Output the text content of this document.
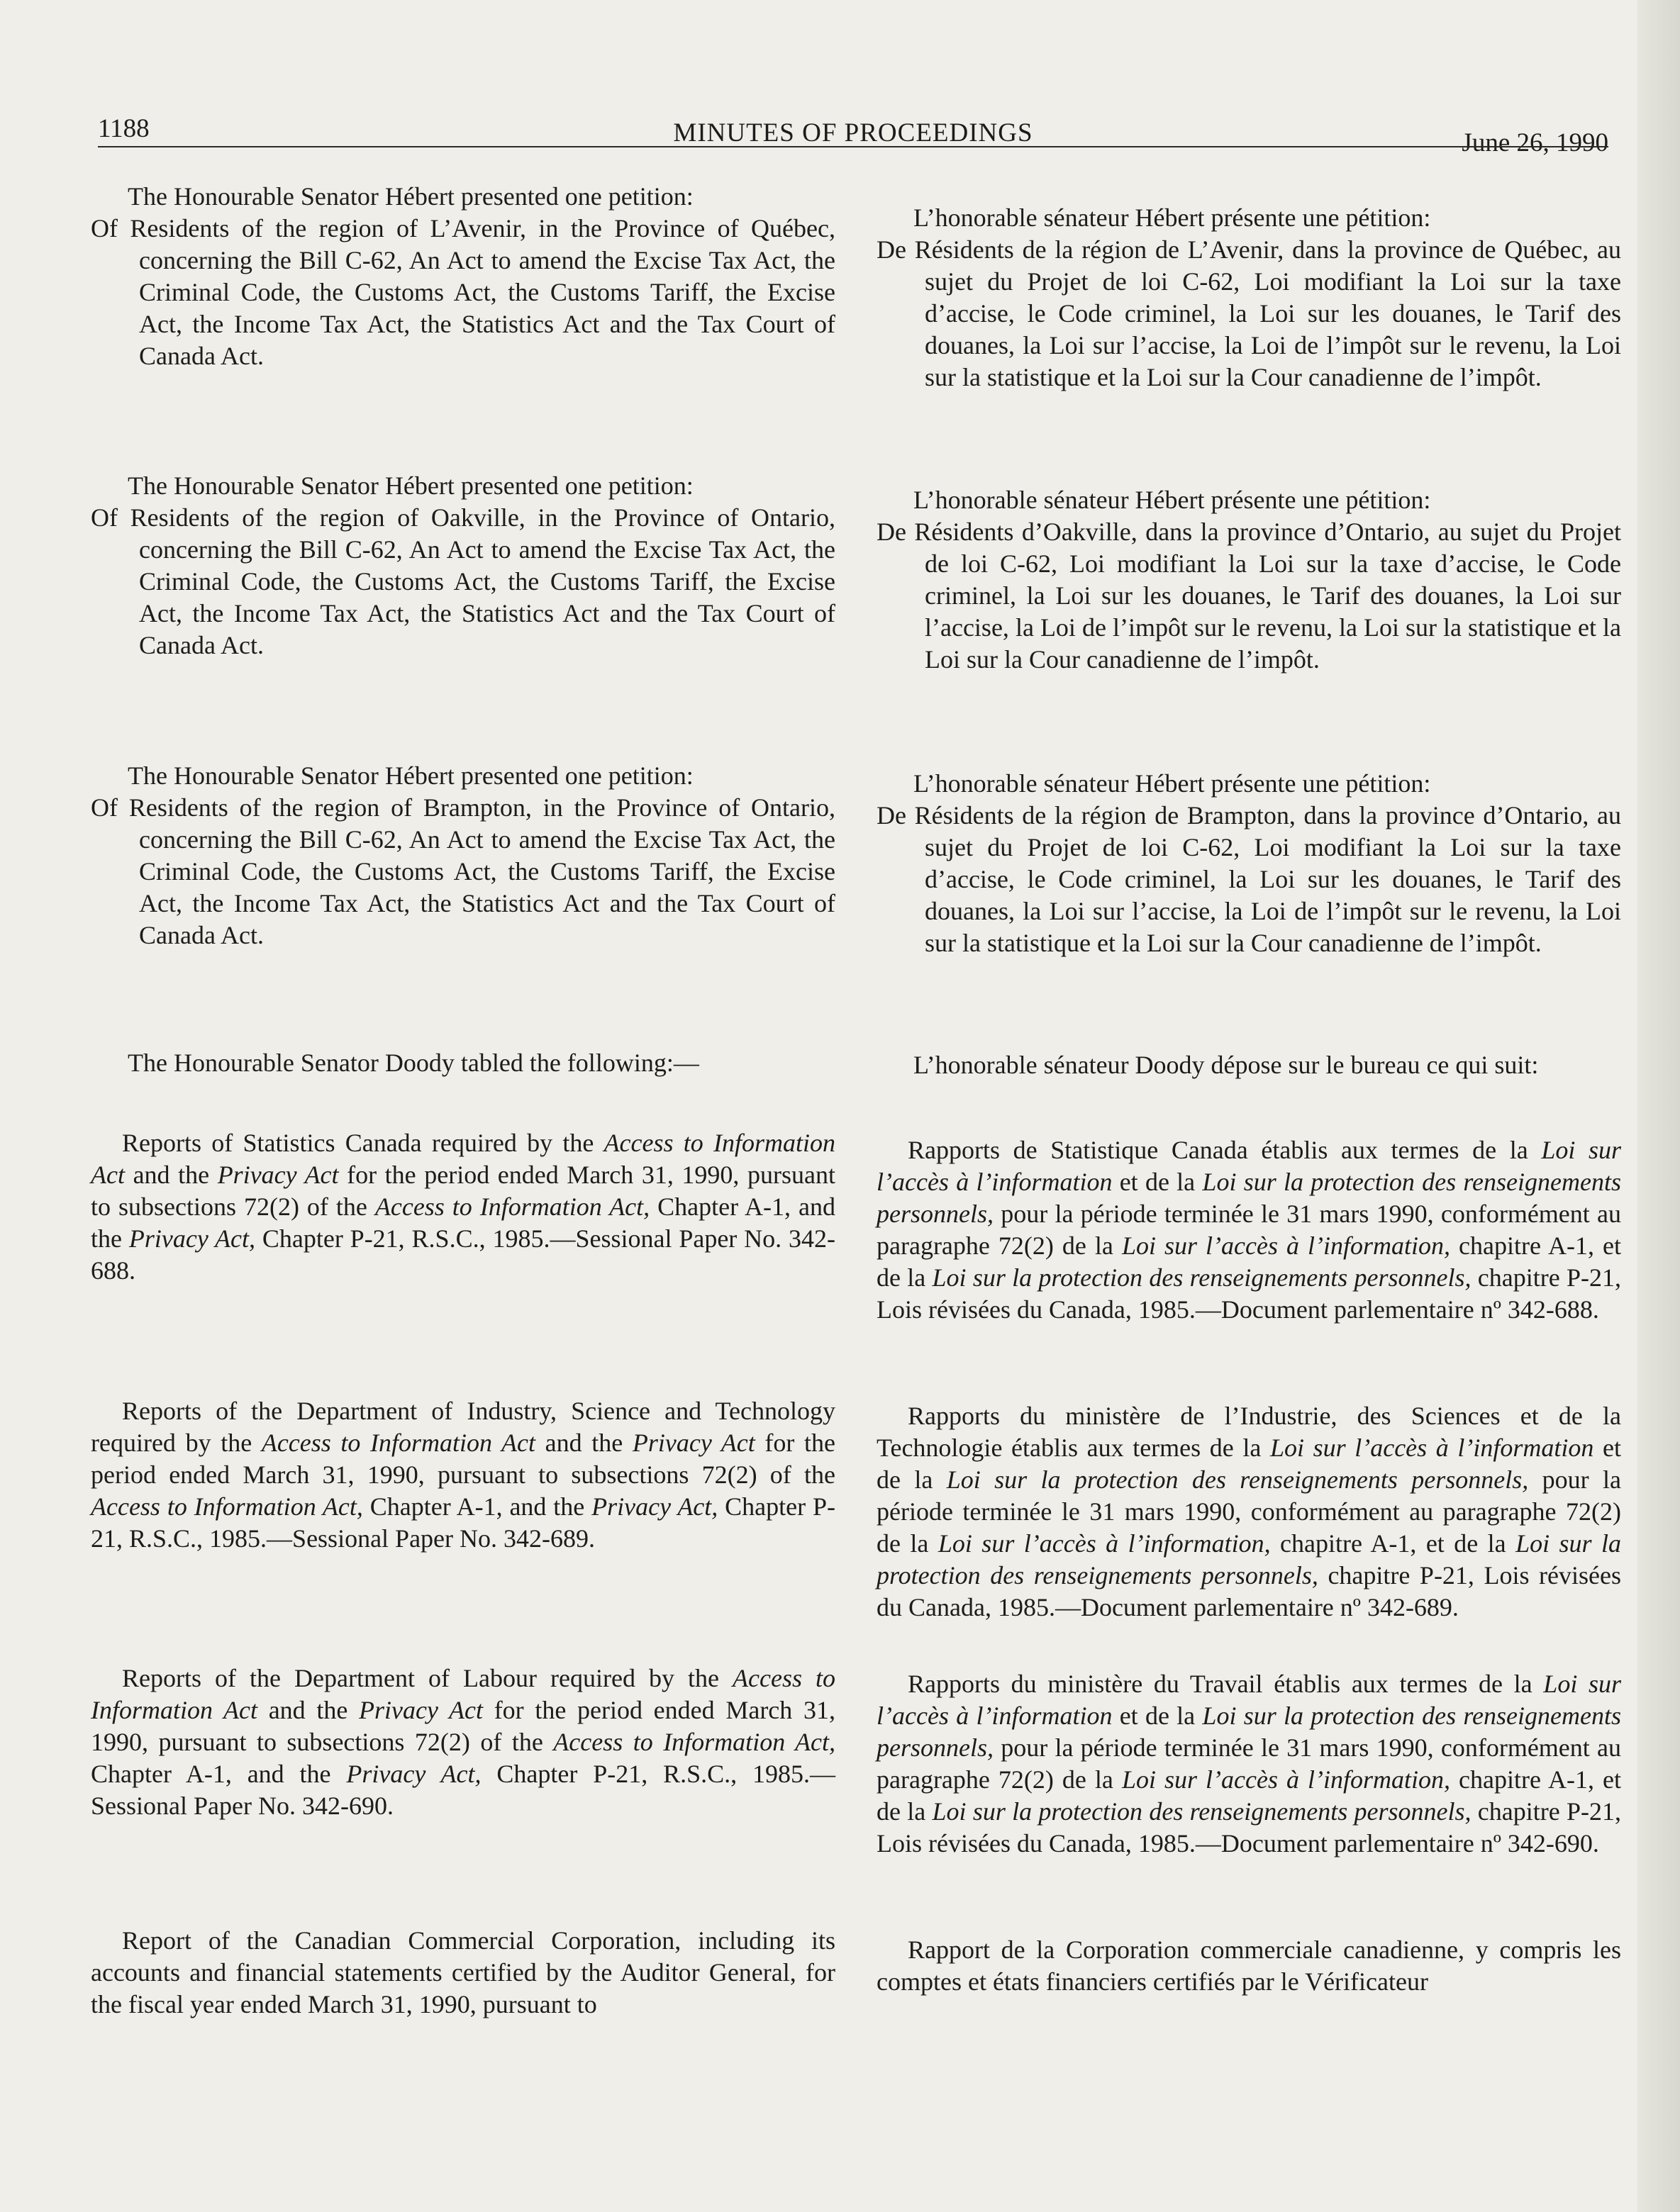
1188	MINUTES OF PROCEEDINGS	June 26, 1990

The Honourable Senator Hébert presented one petition:

Of Residents of the region of L’Avenir, in the Province of Québec, concerning the Bill C-62, An Act to amend the Excise Tax Act, the Criminal Code, the Customs Act, the Customs Tariff, the Excise Act, the Income Tax Act, the Statistics Act and the Tax Court of Canada Act.

The Honourable Senator Hébert presented one petition:

Of Residents of the region of Oakville, in the Province of Ontario, concerning the Bill C-62, An Act to amend the Excise Tax Act, the Criminal Code, the Customs Act, the Customs Tariff, the Excise Act, the Income Tax Act, the Statistics Act and the Tax Court of Canada Act.

The Honourable Senator Hébert presented one petition:

Of Residents of the region of Brampton, in the Province of Ontario, concerning the Bill C-62, An Act to amend the Excise Tax Act, the Criminal Code, the Customs Act, the Customs Tariff, the Excise Act, the Income Tax Act, the Statistics Act and the Tax Court of Canada Act.

The Honourable Senator Doody tabled the following:—

Reports of Statistics Canada required by the Access to Information Act and the Privacy Act for the period ended March 31, 1990, pursuant to subsections 72(2) of the Access to Information Act, Chapter A-1, and the Privacy Act, Chapter P-21, R.S.C., 1985.—Sessional Paper No. 342-688.

Reports of the Department of Industry, Science and Technology required by the Access to Information Act and the Privacy Act for the period ended March 31, 1990, pursuant to subsections 72(2) of the Access to Information Act, Chapter A-1, and the Privacy Act, Chapter P-21, R.S.C., 1985.—Sessional Paper No. 342-689.

Reports of the Department of Labour required by the Access to Information Act and the Privacy Act for the period ended March 31, 1990, pursuant to subsections 72(2) of the Access to Information Act, Chapter A-1, and the Privacy Act, Chapter P-21, R.S.C., 1985.—Sessional Paper No. 342-690.

Report of the Canadian Commercial Corporation, including its accounts and financial statements certified by the Auditor General, for the fiscal year ended March 31, 1990, pursuant to

L’honorable sénateur Hébert présente une pétition:

De Résidents de la région de L’Avenir, dans la province de Québec, au sujet du Projet de loi C-62, Loi modifiant la Loi sur la taxe d’accise, le Code criminel, la Loi sur les douanes, le Tarif des douanes, la Loi sur l’accise, la Loi de l’impôt sur le revenu, la Loi sur la statistique et la Loi sur la Cour canadienne de l’impôt.

L’honorable sénateur Hébert présente une pétition:

De Résidents d’Oakville, dans la province d’Ontario, au sujet du Projet de loi C-62, Loi modifiant la Loi sur la taxe d’accise, le Code criminel, la Loi sur les douanes, le Tarif des douanes, la Loi sur l’accise, la Loi de l’impôt sur le revenu, la Loi sur la statistique et la Loi sur la Cour canadienne de l’impôt.

L’honorable sénateur Hébert présente une pétition:

De Résidents de la région de Brampton, dans la province d’Ontario, au sujet du Projet de loi C-62, Loi modifiant la Loi sur la taxe d’accise, le Code criminel, la Loi sur les douanes, le Tarif des douanes, la Loi sur l’accise, la Loi de l’impôt sur le revenu, la Loi sur la statistique et la Loi sur la Cour canadienne de l’impôt.

L’honorable sénateur Doody dépose sur le bureau ce qui suit:

Rapports de Statistique Canada établis aux termes de la Loi sur l’accès à l’information et de la Loi sur la protection des renseignements personnels, pour la période terminée le 31 mars 1990, conformément au paragraphe 72(2) de la Loi sur l’accès à l’information, chapitre A-1, et de la Loi sur la protection des renseignements personnels, chapitre P-21, Lois révisées du Canada, 1985.—Document parlementaire nº 342-688.

Rapports du ministère de l’Industrie, des Sciences et de la Technologie établis aux termes de la Loi sur l’accès à l’information et de la Loi sur la protection des renseignements personnels, pour la période terminée le 31 mars 1990, conformément au paragraphe 72(2) de la Loi sur l’accès à l’information, chapitre A-1, et de la Loi sur la protection des renseignements personnels, chapitre P-21, Lois révisées du Canada, 1985.—Document parlementaire nº 342-689.

Rapports du ministère du Travail établis aux termes de la Loi sur l’accès à l’information et de la Loi sur la protection des renseignements personnels, pour la période terminée le 31 mars 1990, conformément au paragraphe 72(2) de la Loi sur l’accès à l’information, chapitre A-1, et de la Loi sur la protection des renseignements personnels, chapitre P-21, Lois révisées du Canada, 1985.—Document parlementaire nº 342-690.

Rapport de la Corporation commerciale canadienne, y compris les comptes et états financiers certifiés par le Vérificateur
